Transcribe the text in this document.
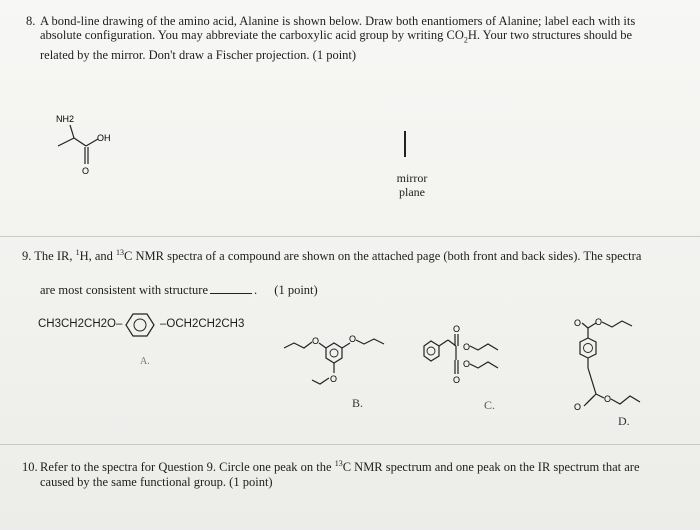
8. A bond-line drawing of the amino acid, Alanine is shown below. Draw both enantiomers of Alanine; label each with its
absolute configuration. You may abbreviate the carboxylic acid group by writing $CO_2H$. Your two structures should be
related by the mirror. Don't draw a Fischer projection. (1 point)
NH2
OH
O	mirror
plane
9. The IR, $^1$H, and $^{13}$C NMR spectra of a compound are shown on the attached page (both front and back sides). The spectra
are most consistent with structure	. (1 point)
CH3CH2CH2O–	–OCH2CH2CH3
A.
O	O
O
B.
O
O
O
O
C.
O O
O
O
D.
10. Refer to the spectra for Question 9. Circle one peak on the $^{13}$C NMR spectrum and one peak on the IR spectrum that are
caused by the same functional group. (1 point)
